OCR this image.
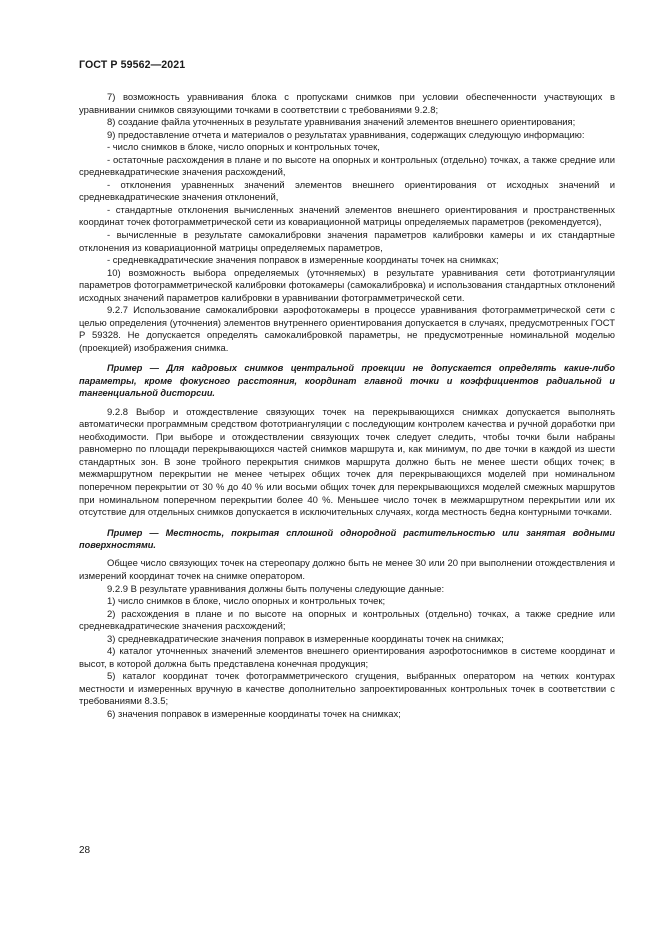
ГОСТ Р 59562—2021

7) возможность уравнивания блока с пропусками снимков при условии обеспеченности участвующих в уравнивании снимков связующими точками в соответствии с требованиями 9.2.8;

8) создание файла уточненных в результате уравнивания значений элементов внешнего ориентирования;

9) предоставление отчета и материалов о результатах уравнивания, содержащих следующую информацию:

- число снимков в блоке, число опорных и контрольных точек,

- остаточные расхождения в плане и по высоте на опорных и контрольных (отдельно) точках, а также средние или средневкадратические значения расхождений,

- отклонения уравненных значений элементов внешнего ориентирования от исходных значений и средневкадратические значения отклонений,

- стандартные отклонения вычисленных значений элементов внешнего ориентирования и пространственных координат точек фотограмметрической сети из ковариационной матрицы определяемых параметров (рекомендуется),

- вычисленные в результате самокалибровки значения параметров калибровки камеры и их стандартные отклонения из ковариационной матрицы определяемых параметров,

- средневкадратические значения поправок в измеренные координаты точек на снимках;

10) возможность выбора определяемых (уточняемых) в результате уравнивания сети фототриангуляции параметров фотограмметрической калибровки фотокамеры (самокалибровка) и использования стандартных отклонений исходных значений параметров калибровки в уравнивании фотограмметрической сети.

9.2.7 Использование самокалибровки аэрофотокамеры в процессе уравнивания фотограмметрической сети с целью определения (уточнения) элементов внутреннего ориентирования допускается в случаях, предусмотренных ГОСТ Р 59328. Не допускается определять самокалибровкой параметры, не предусмотренные номинальной моделью (проекцией) изображения снимка.

Пример — Для кадровых снимков центральной проекции не допускается определять какие-либо параметры, кроме фокусного расстояния, координат главной точки и коэффициентов радиальной и тангенциальной дисторсии.

9.2.8 Выбор и отождествление связующих точек на перекрывающихся снимках допускается выполнять автоматически программным средством фототриангуляции с последующим контролем качества и ручной доработки при необходимости. При выборе и отождествлении связующих точек следует следить, чтобы точки были набраны равномерно по площади перекрывающихся частей снимков маршрута и, как минимум, по две точки в каждой из шести стандартных зон. В зоне тройного перекрытия снимков маршрута должно быть не менее шести общих точек; в межмаршрутном перекрытии не менее четырех общих точек для перекрывающихся моделей при номинальном поперечном перекрытии от 30 % до 40 % или восьми общих точек для перекрывающихся моделей смежных маршрутов при номинальном поперечном перекрытии более 40 %. Меньшее число точек в межмаршрутном перекрытии или их отсутствие для отдельных снимков допускается в исключительных случаях, когда местность бедна контурными точками.

Пример — Местность, покрытая сплошной однородной растительностью или занятая водными поверхностями.

Общее число связующих точек на стереопару должно быть не менее 30 или 20 при выполнении отождествления и измерений координат точек на снимке оператором.

9.2.9 В результате уравнивания должны быть получены следующие данные:

1) число снимков в блоке, число опорных и контрольных точек;

2) расхождения в плане и по высоте на опорных и контрольных (отдельно) точках, а также средние или средневкадратические значения расхождений;

3) средневкадратические значения поправок в измеренные координаты точек на снимках;

4) каталог уточненных значений элементов внешнего ориентирования аэрофотоснимков в системе координат и высот, в которой должна быть представлена конечная продукция;

5) каталог координат точек фотограмметрического сгущения, выбранных оператором на четких контурах местности и измеренных вручную в качестве дополнительно запроектированных контрольных точек в соответствии с требованиями 8.3.5;

6) значения поправок в измеренные координаты точек на снимках;

28
